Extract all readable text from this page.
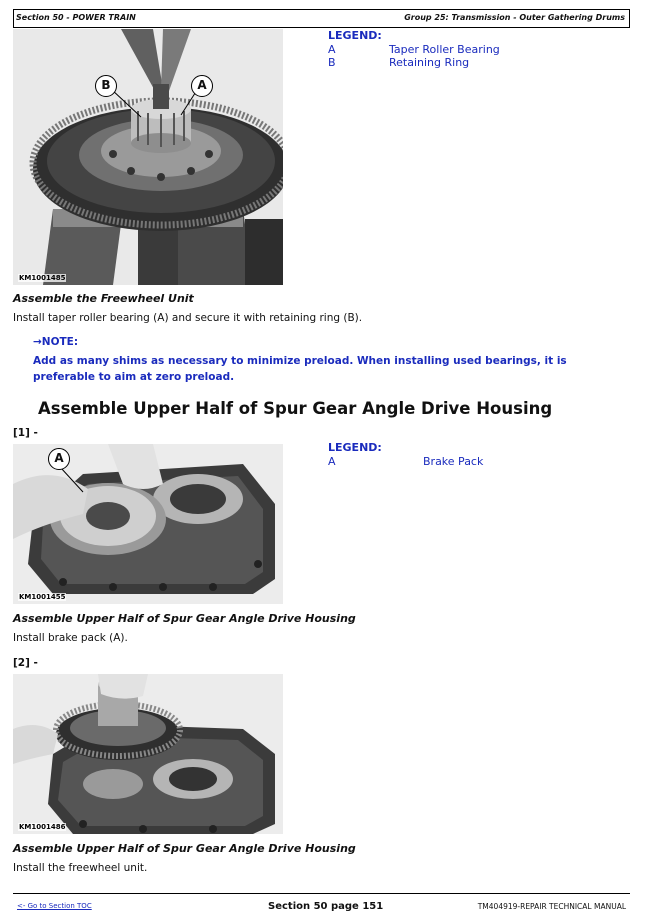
Section 50 - POWER TRAIN	Group 25: Transmission - Outer Gathering Drums
B	A
KM1001485
LEGEND:
A	Taper Roller Bearing
B	Retaining Ring
Assemble the Freewheel Unit
Install taper roller bearing (A) and secure it with retaining ring (B).
→NOTE:
Add as many shims as necessary to minimize preload. When installing used bearings, it is preferable to aim at zero preload.
Assemble Upper Half of Spur Gear Angle Drive Housing
[1] -
A
KM1001455
LEGEND:
A	Brake Pack
Assemble Upper Half of Spur Gear Angle Drive Housing
Install brake pack (A).
[2] -
KM1001486
Assemble Upper Half of Spur Gear Angle Drive Housing
Install the freewheel unit.
<- Go to Section TOC	Section 50 page 151	TM404919-REPAIR TECHNICAL MANUAL
